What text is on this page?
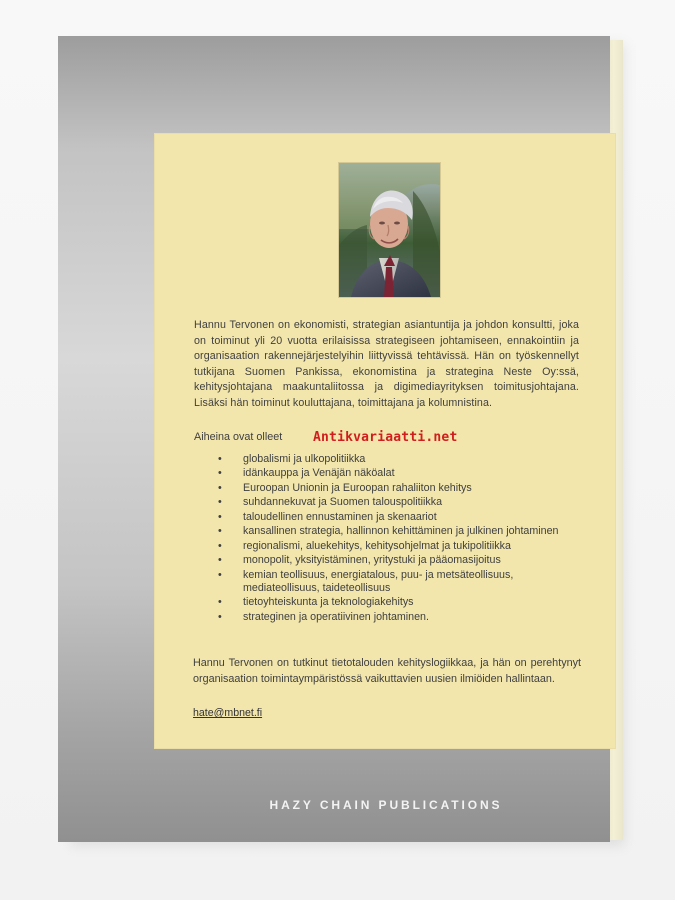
Hannu Tervonen on ekonomisti, strategian asiantuntija ja johdon konsultti, joka on toiminut yli 20 vuotta erilaisissa strategiseen johtamiseen, ennakointiin ja organisaation rakennejärjestelyihin liittyvissä tehtävissä. Hän on työskennellyt tutkijana Suomen Pankissa, ekonomistina ja strategina Neste Oy:ssä, kehitysjohtajana maakuntaliitossa ja digimediayrityksen toimitusjohtajana. Lisäksi hän toiminut kouluttajana, toimittajana ja kolumnistina.

Aiheina ovat olleet Antikvariaatti.net

•	globalismi ja ulkopolitiikka
•	idänkauppa ja Venäjän näköalat
•	Euroopan Unionin ja Euroopan rahaliiton kehitys
•	suhdannekuvat ja Suomen talouspolitiikka
•	taloudellinen ennustaminen ja skenaariot
•	kansallinen strategia, hallinnon kehittäminen ja julkinen johtaminen
•	regionalismi, aluekehitys, kehitysohjelmat ja tukipolitiikka
•	monopolit, yksityistäminen, yritystuki ja pääomasijoitus
•	kemian teollisuus, energiatalous, puu- ja metsäteollisuus, mediateollisuus, taideteollisuus
•	tietoyhteiskunta ja teknologiakehitys
•	strateginen ja operatiivinen johtaminen.

Hannu Tervonen on tutkinut tietotalouden kehityslogiikkaa, ja hän on perehtynyt organisaation toimintaympäristössä vaikuttavien uusien ilmiöiden hallintaan.

hate@mbnet.fi

HAZY CHAIN PUBLICATIONS
